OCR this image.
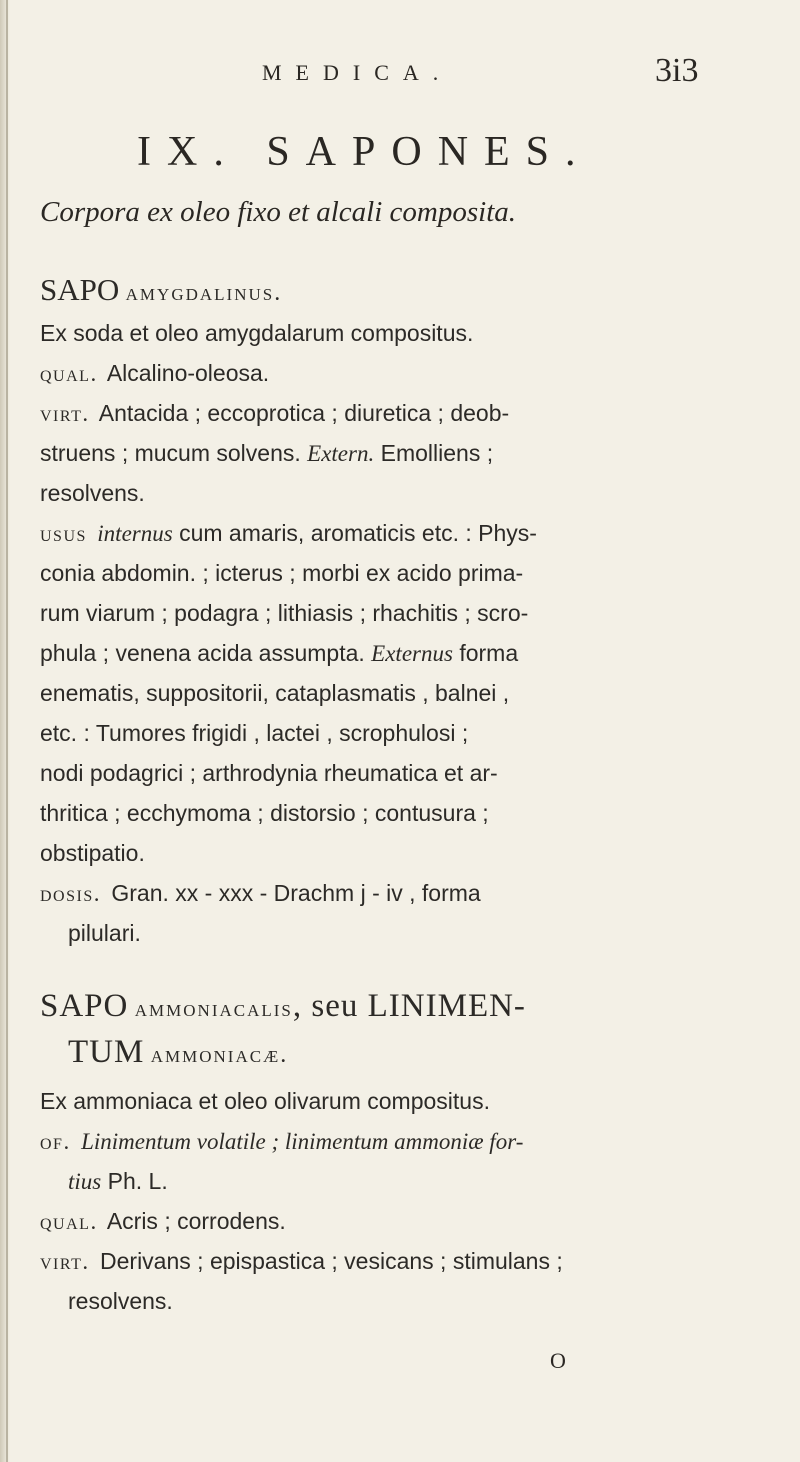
MEDICA.	3i3
IX. SAPONES.
Corpora ex oleo fixo et alcali composita.
SAPO amygdalinus.
Ex soda et oleo amygdalarum compositus.
qual. Alcalino-oleosa.
virt. Antacida ; eccoprotica ; diuretica ; deob-
struens ; mucum solvens. Extern. Emolliens ;
resolvens.
usus internus cum amaris, aromaticis etc. : Phys-
conia abdomin. ; icterus ; morbi ex acido prima-
rum viarum ; podagra ; lithiasis ; rhachitis ; scro-
phula ; venena acida assumpta. Externus forma
enematis, suppositorii, cataplasmatis , balnei ,
etc. : Tumores frigidi , lactei , scrophulosi ;
nodi podagrici ; arthrodynia rheumatica et ar-
thritica ; ecchymoma ; distorsio ; contusura ;
obstipatio.
dosis. Gran. xx - xxx - Drachm j - iv , forma
pilulari.
SAPO ammoniacalis, seu LINIMEN-
TUM ammoniacæ.
Ex ammoniaca et oleo olivarum compositus.
of. Linimentum volatile ; linimentum ammoniæ for-
tius Ph. L.
qual. Acris ; corrodens.
virt. Derivans ; epispastica ; vesicans ; stimulans ;
resolvens.
O
